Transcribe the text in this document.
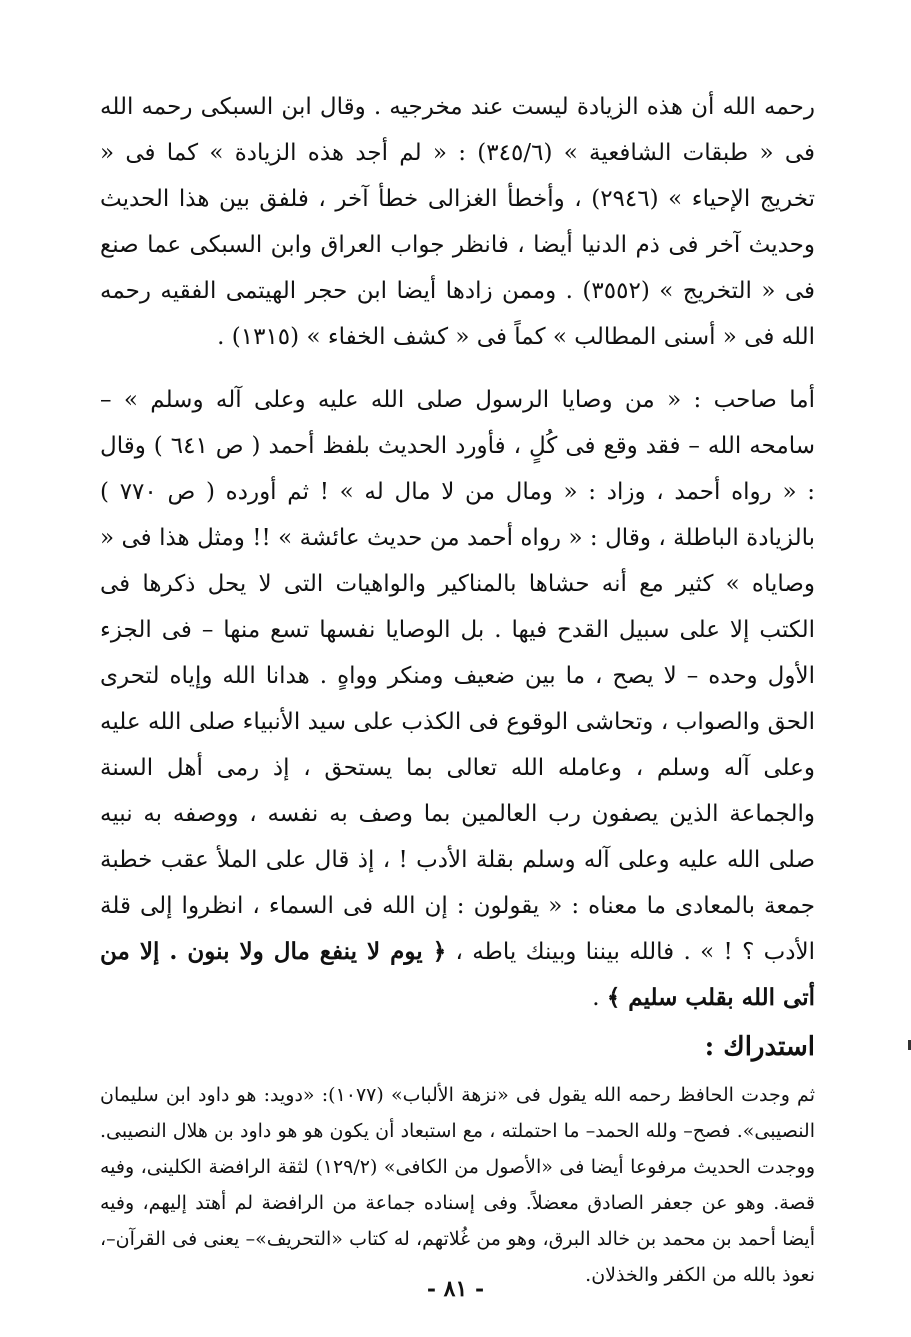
رحمه الله أن هذه الزيادة ليست عند مخرجيه . وقال ابن السبكى رحمه الله فى « طبقات الشافعية » (٣٤٥/٦) : « لم أجد هذه الزيادة » كما فى « تخريج الإحياء » (٢٩٤٦) ، وأخطأ الغزالى خطأ آخر ، فلفق بين هذا الحديث وحديث آخر فى ذم الدنيا أيضا ، فانظر جواب العراق وابن السبكى عما صنع فى « التخريج » (٣٥٥٢) . وممن زادها أيضا ابن حجر الهيتمى الفقيه رحمه الله فى « أسنى المطالب » كماً فى « كشف الخفاء » (١٣١٥) .

أما صاحب : « من وصايا الرسول صلى الله عليه وعلى آله وسلم » – سامحه الله – فقد وقع فى كُلٍ ، فأورد الحديث بلفظ أحمد ( ص ٦٤١ ) وقال : « رواه أحمد ، وزاد : « ومال من لا مال له » ! ثم أورده ( ص ٧٧٠ ) بالزيادة الباطلة ، وقال : « رواه أحمد من حديث عائشة » !! ومثل هذا فى « وصاياه » كثير مع أنه حشاها بالمناكير والواهيات التى لا يحل ذكرها فى الكتب إلا على سبيل القدح فيها . بل الوصايا نفسها تسع منها – فى الجزء الأول وحده – لا يصح ، ما بين ضعيف ومنكر وواهٍ . هدانا الله وإياه لتحرى الحق والصواب ، وتحاشى الوقوع فى الكذب على سيد الأنبياء صلى الله عليه وعلى آله وسلم ، وعامله الله تعالى بما يستحق ، إذ رمى أهل السنة والجماعة الذين يصفون رب العالمين بما وصف به نفسه ، ووصفه به نبيه صلى الله عليه وعلى آله وسلم بقلة الأدب ! ، إذ قال على الملأ عقب خطبة جمعة بالمعادى ما معناه : « يقولون : إن الله فى السماء ، انظروا إلى قلة الأدب ؟ ! » . فالله بيننا وبينك ياطه ، ﴿ يوم لا ينفع مال ولا بنون . إلا من أتى الله بقلب سليم ﴾ .

استدراك :

ثم وجدت الحافظ رحمه الله يقول فى «نزهة الألباب» (١٠٧٧): «دويد: هو داود ابن سليمان النصيبى». فصح– ولله الحمد– ما احتملته ، مع استبعاد أن يكون هو هو داود بن هلال النصيبى. ووجدت الحديث مرفوعا أيضا فى «الأصول من الكافى» (١٢٩/٢) لثقة الرافضة الكلينى، وفيه قصة. وهو عن جعفر الصادق معضلاً. وفى إسناده جماعة من الرافضة لم أهتد إليهم، وفيه أيضا أحمد بن محمد بن خالد البرق، وهو من غُلاتهم، له كتاب «التحريف»– يعنى فى القرآن–، نعوذ بالله من الكفر والخذلان.

- ٨١ -
